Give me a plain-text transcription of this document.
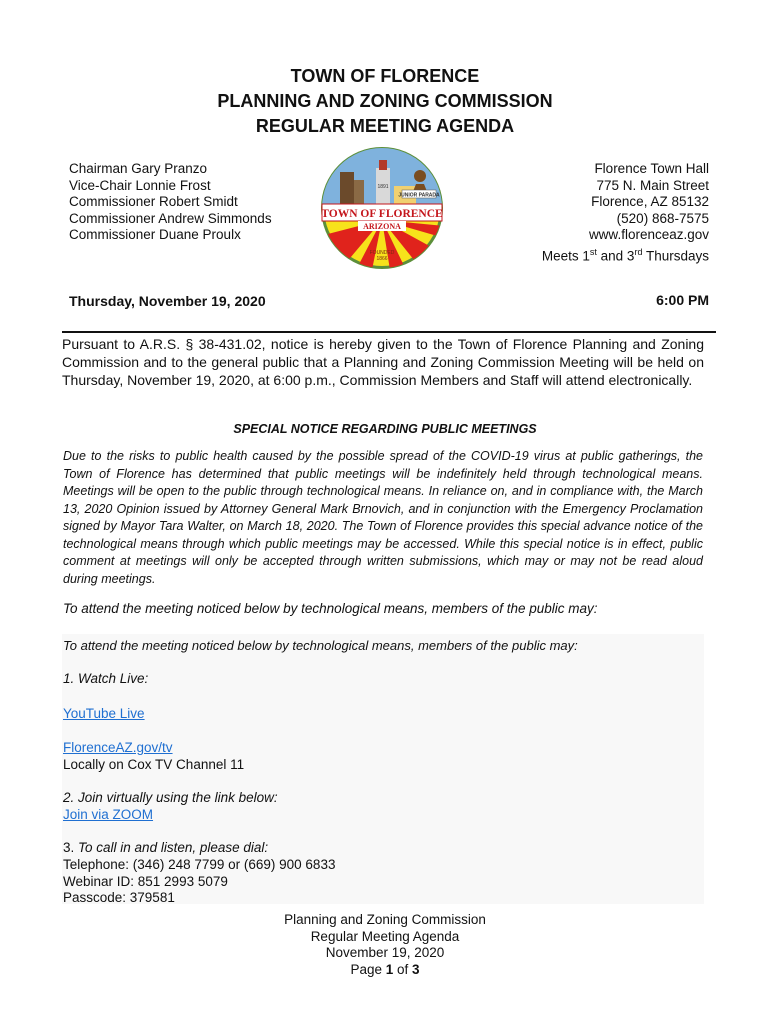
TOWN OF FLORENCE
PLANNING AND ZONING COMMISSION
REGULAR MEETING AGENDA
Chairman Gary Pranzo
Vice-Chair Lonnie Frost
Commissioner Robert Smidt
Commissioner Andrew Simmonds
Commissioner Duane Proulx
TOWN OF FLORENCE
ARIZONA
JUNIOR PARADA
1891
FOUNDED
1866
Florence Town Hall
775 N. Main Street
Florence, AZ 85132
(520) 868-7575
www.florenceaz.gov
Meets 1st and 3rd Thursdays
Thursday, November 19, 2020	6:00 PM
Pursuant to A.R.S. § 38-431.02, notice is hereby given to the Town of Florence Planning and Zoning Commission and to the general public that a Planning and Zoning Commission Meeting will be held on Thursday, November 19, 2020, at 6:00 p.m., Commission Members and Staff will attend electronically.
SPECIAL NOTICE REGARDING PUBLIC MEETINGS
Due to the risks to public health caused by the possible spread of the COVID-19 virus at public gatherings, the Town of Florence has determined that public meetings will be indefinitely held through technological means. Meetings will be open to the public through technological means. In reliance on, and in compliance with, the March 13, 2020 Opinion issued by Attorney General Mark Brnovich, and in conjunction with the Emergency Proclamation signed by Mayor Tara Walter, on March 18, 2020. The Town of Florence provides this special advance notice of the technological means through which public meetings may be accessed. While this special notice is in effect, public comment at meetings will only be accepted through written submissions, which may or may not be read aloud during meetings.
To attend the meeting noticed below by technological means, members of the public may:
To attend the meeting noticed below by technological means, members of the public may:
1. Watch Live:
YouTube Live
FlorenceAZ.gov/tv
Locally on Cox TV Channel 11
2. Join virtually using the link below:
Join via ZOOM
3. To call in and listen, please dial:
Telephone: (346) 248 7799 or (669) 900 6833
Webinar ID: 851 2993 5079
Passcode: 379581
Planning and Zoning Commission
Regular Meeting Agenda
November 19, 2020
Page 1 of 3
